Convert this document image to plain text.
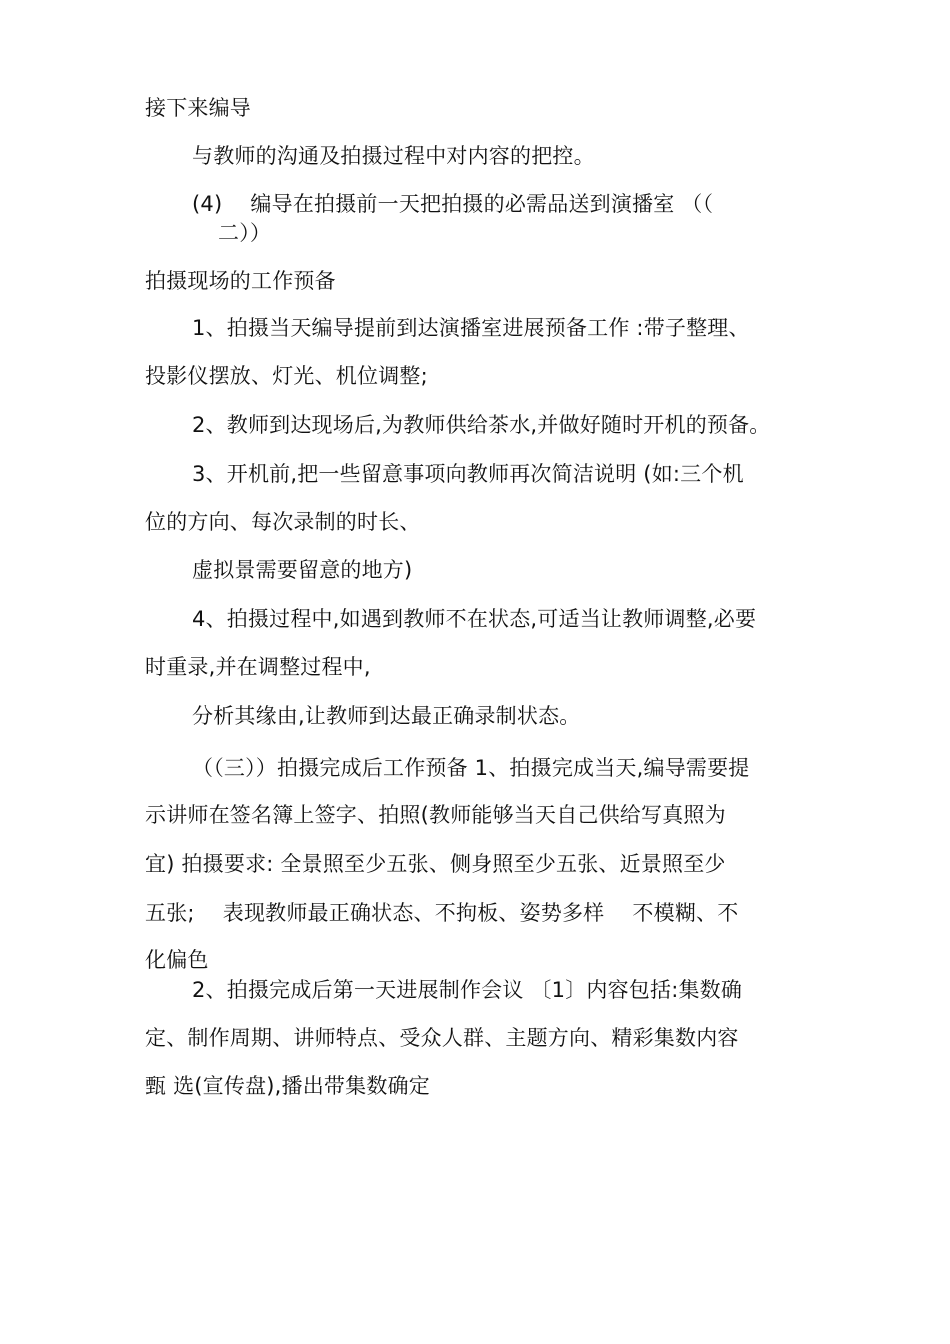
接下来编导
与教师的沟通及拍摄过程中对内容的把控。
(4)　 编导在拍摄前一天把拍摄的必需品送到演播室 （（
二））
拍摄现场的工作预备
1、拍摄当天编导提前到达演播室进展预备工作 :带子整理、
投影仪摆放、灯光、机位调整;
2、教师到达现场后,为教师供给茶水,并做好随时开机的预备。
3、开机前,把一些留意事项向教师再次简洁说明 (如:三个机
位的方向、每次录制的时长、
虚拟景需要留意的地方)
4、拍摄过程中,如遇到教师不在状态,可适当让教师调整,必要
时重录,并在调整过程中,
分析其缘由,让教师到达最正确录制状态。
（（三））拍摄完成后工作预备 1、拍摄完成当天,编导需要提
示讲师在签名簿上签字、拍照(教师能够当天自己供给写真照为
宜) 拍摄要求: 全景照至少五张、侧身照至少五张、近景照至少
五张;　 表现教师最正确状态、不拘板、姿势多样　 不模糊、不
化偏色
2、拍摄完成后第一天进展制作会议 〔1〕内容包括:集数确
定、制作周期、讲师特点、受众人群、主题方向、精彩集数内容
甄 选(宣传盘),播出带集数确定
